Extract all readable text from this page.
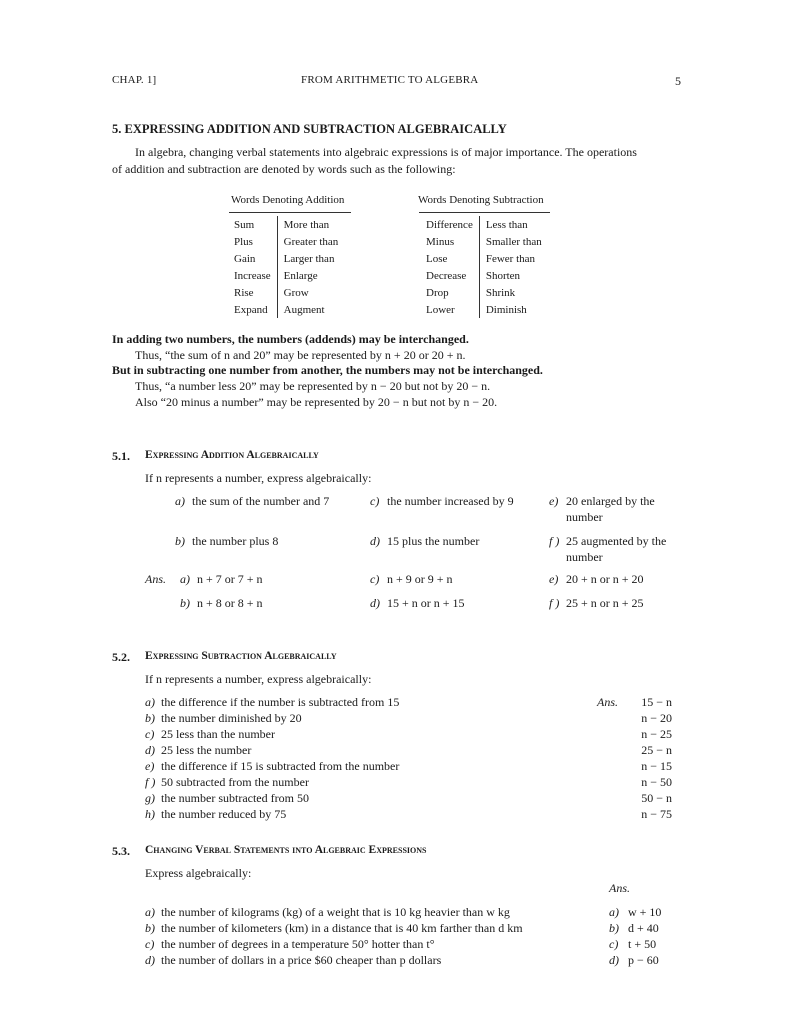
CHAP. 1]	FROM ARITHMETIC TO ALGEBRA	5
5. EXPRESSING ADDITION AND SUBTRACTION ALGEBRAICALLY
In algebra, changing verbal statements into algebraic expressions is of major importance. The operations
of addition and subtraction are denoted by words such as the following:
Words Denoting Addition
Sum	More than
Plus	Greater than
Gain	Larger than
Increase	Enlarge
Rise	Grow
Expand	Augment
Words Denoting Subtraction
Difference	Less than
Minus	Smaller than
Lose	Fewer than
Decrease	Shorten
Drop	Shrink
Lower	Diminish
In adding two numbers, the numbers (addends) may be interchanged.
Thus, “the sum of n and 20” may be represented by n + 20 or 20 + n.
But in subtracting one number from another, the numbers may not be interchanged.
Thus, “a number less 20” may be represented by n − 20 but not by 20 − n.
Also “20 minus a number” may be represented by 20 − n but not by n − 20.
5.1. Expressing Addition Algebraically
If n represents a number, express algebraically:
a) the sum of the number and 7	c) the number increased by 9	e) 20 enlarged by the
number
b) the number plus 8	d) 15 plus the number	f ) 25 augmented by the
number
Ans. a) n + 7 or 7 + n	c) n + 9 or 9 + n	e) 20 + n or n + 20
b) n + 8 or 8 + n	d) 15 + n or n + 15	f ) 25 + n or n + 25
5.2. Expressing Subtraction Algebraically
If n represents a number, express algebraically:
Ans.
a) the difference if the number is subtracted from 15	15 − n
b) the number diminished by 20	n − 20
c) 25 less than the number	n − 25
d) 25 less the number	25 − n
e) the difference if 15 is subtracted from the number	n − 15
f ) 50 subtracted from the number	n − 50
g) the number subtracted from 50	50 − n
h) the number reduced by 75	n − 75
5.3. Changing Verbal Statements into Algebraic Expressions
Express algebraically:
Ans.
a) the number of kilograms (kg) of a weight that is 10 kg heavier than w kg	a) w + 10
b) the number of kilometers (km) in a distance that is 40 km farther than d km	b) d + 40
c) the number of degrees in a temperature 50° hotter than t°	c) t + 50
d) the number of dollars in a price $60 cheaper than p dollars	d) p − 60
